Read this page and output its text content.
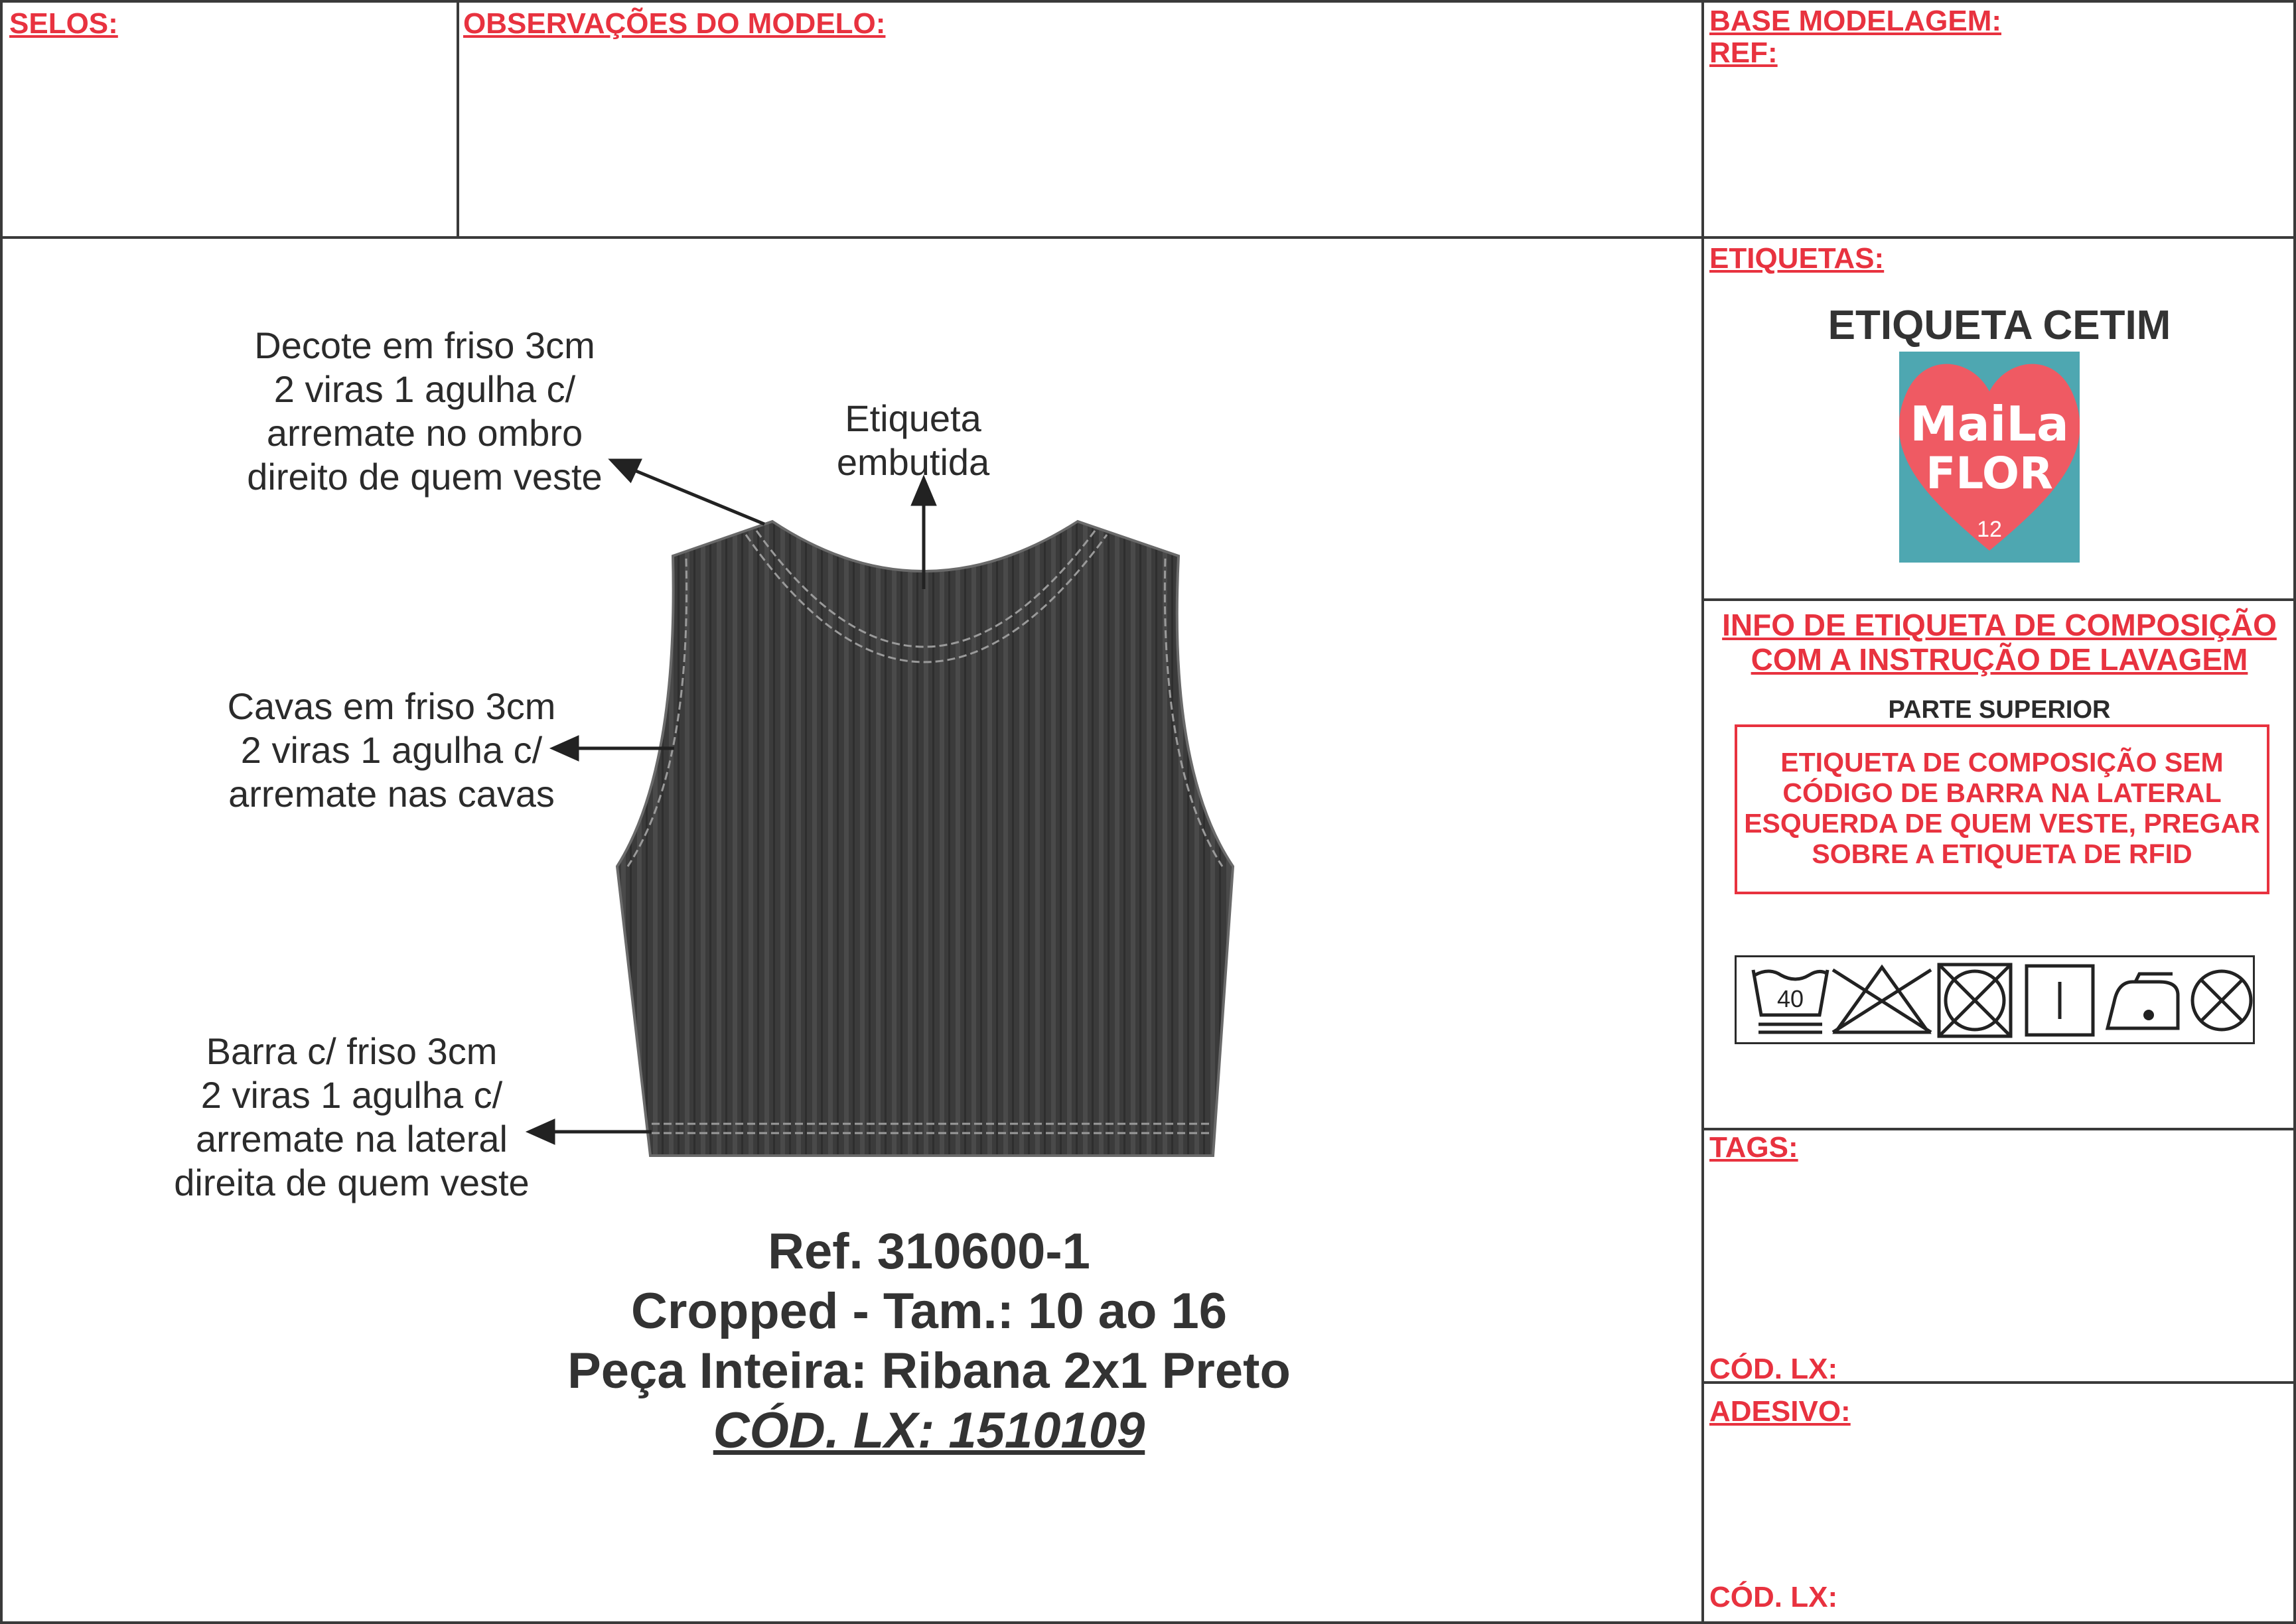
SELOS:	OBSERVAÇÕES DO MODELO:	BASE MODELAGEM:
REF:
ETIQUETAS:
TAGS:
CÓD. LX:
ADESIVO:
CÓD. LX:
Decote em friso 3cm
2 viras 1 agulha c/
arremate no ombro
direito de quem veste
Etiqueta
embutida
Cavas em friso 3cm
2 viras 1 agulha c/
arremate nas cavas
Barra c/ friso 3cm
2 viras 1 agulha c/
arremate na lateral
direita de quem veste
Ref. 310600-1
Cropped - Tam.: 10 ao 16
Peça Inteira: Ribana 2x1 Preto
CÓD. LX: 1510109
ETIQUETA CETIM
MaiLa
FLOR
12
INFO DE ETIQUETA DE COMPOSIÇÃO
COM A INSTRUÇÃO DE LAVAGEM
PARTE SUPERIOR
ETIQUETA DE COMPOSIÇÃO SEM
CÓDIGO DE BARRA NA LATERAL
ESQUERDA DE QUEM VESTE, PREGAR
SOBRE A ETIQUETA DE RFID
40
